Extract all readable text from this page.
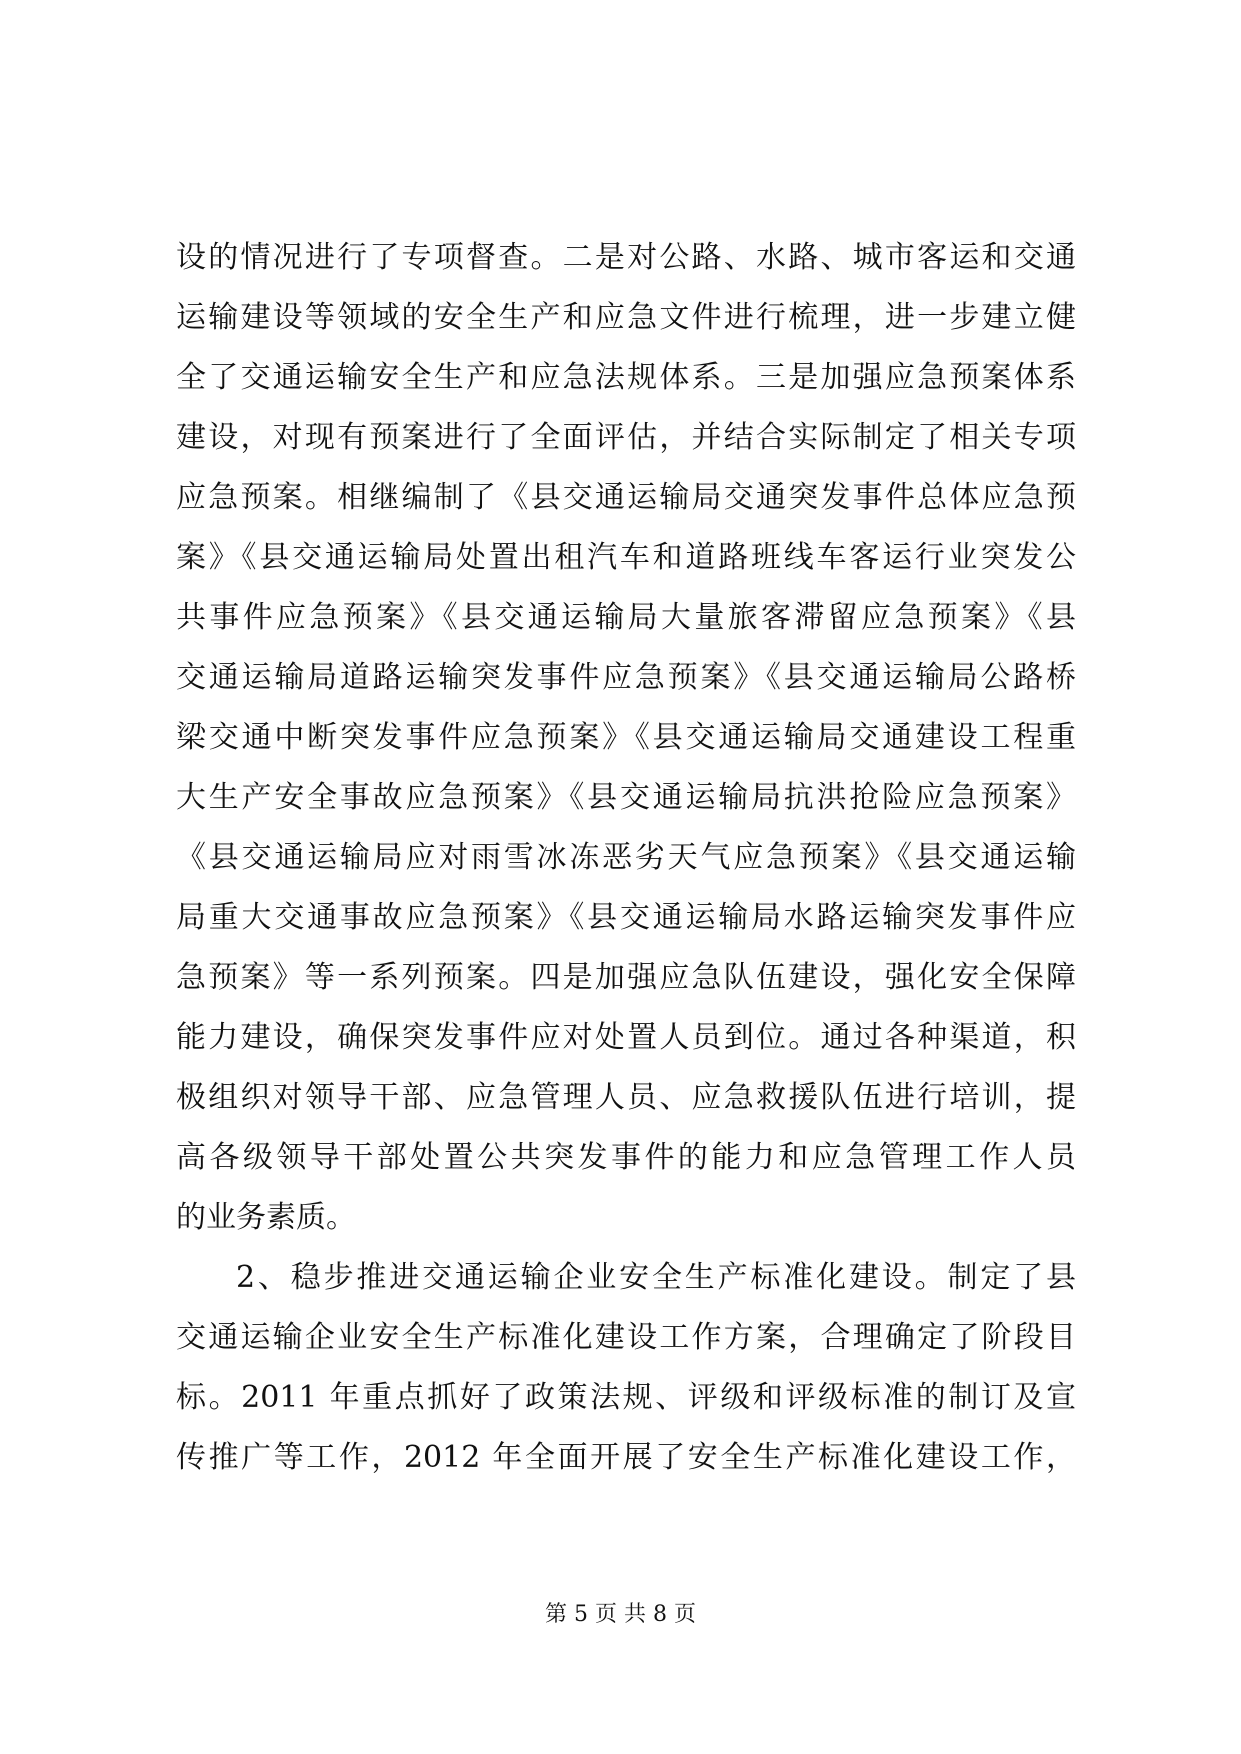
设的情况进行了专项督查。二是对公路、水路、城市客运和交通
运输建设等领域的安全生产和应急文件进行梳理，进一步建立健
全了交通运输安全生产和应急法规体系。三是加强应急预案体系
建设，对现有预案进行了全面评估，并结合实际制定了相关专项
应急预案。相继编制了《县交通运输局交通突发事件总体应急预
案》《县交通运输局处置出租汽车和道路班线车客运行业突发公
共事件应急预案》《县交通运输局大量旅客滞留应急预案》《县
交通运输局道路运输突发事件应急预案》《县交通运输局公路桥
梁交通中断突发事件应急预案》《县交通运输局交通建设工程重
大生产安全事故应急预案》《县交通运输局抗洪抢险应急预案》
《县交通运输局应对雨雪冰冻恶劣天气应急预案》《县交通运输
局重大交通事故应急预案》《县交通运输局水路运输突发事件应
急预案》等一系列预案。四是加强应急队伍建设，强化安全保障
能力建设，确保突发事件应对处置人员到位。通过各种渠道，积
极组织对领导干部、应急管理人员、应急救援队伍进行培训，提
高各级领导干部处置公共突发事件的能力和应急管理工作人员
的业务素质。
2、稳步推进交通运输企业安全生产标准化建设。制定了县
交通运输企业安全生产标准化建设工作方案，合理确定了阶段目
标。2011 年重点抓好了政策法规、评级和评级标准的制订及宣
传推广等工作，2012 年全面开展了安全生产标准化建设工作，
第 5 页 共 8 页
